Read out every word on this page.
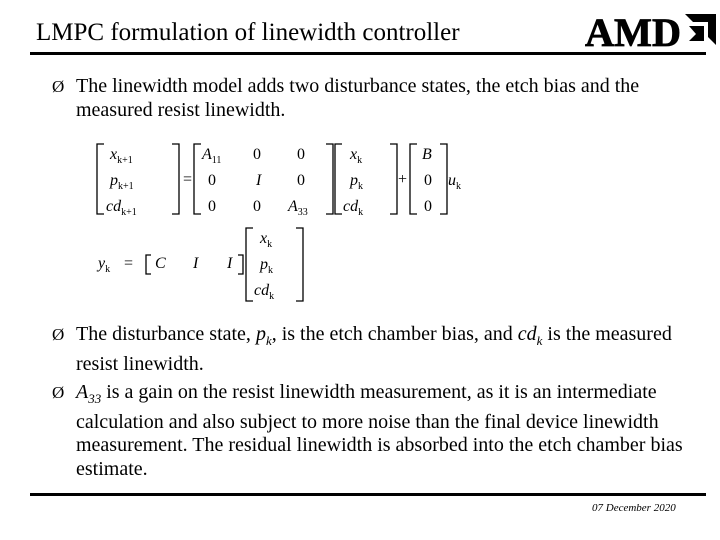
LMPC formulation of linewidth controller	AMD
Ø The linewidth model adds two disturbance states, the etch bias and the measured resist linewidth.
$x_{k+1}$
$p_{k+1}$
$cd_{k+1}$
=
$A_{11}$ 0 0
0	I 0
0 0 $A_{33}$
$x_k$
$p_k$
$cd_k$
+
B
0
0
$u_k$
$y_k = C$ I I
$x_k$
$p_k$
$cd_k$
Ø The disturbance state, $p_k$, is the etch chamber bias, and $cd_k$ is the measured resist linewidth.
Ø $A_{33}$ is a gain on the resist linewidth measurement, as it is an intermediate calculation and also subject to more noise than the final device linewidth measurement. The residual linewidth is absorbed into the etch chamber bias estimate.
07 December 2020
